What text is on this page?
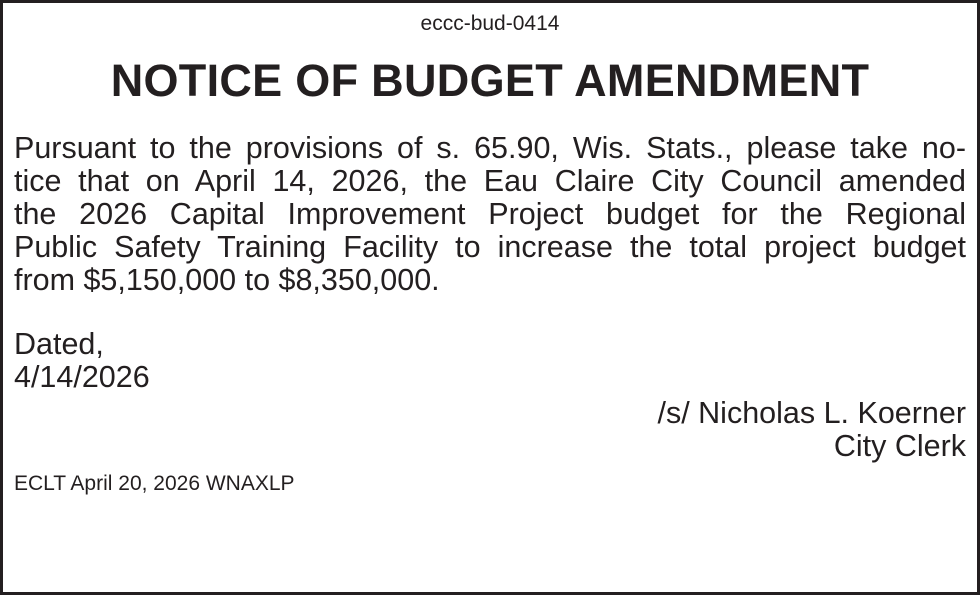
eccc-bud-0414
NOTICE OF BUDGET AMENDMENT
Pursuant to the provisions of s. 65.90, Wis. Stats., please take no-
tice that on April 14, 2026, the Eau Claire City Council amended
the 2026 Capital Improvement Project budget for the Regional
Public Safety Training Facility to increase the total project budget
from $5,150,000 to $8,350,000.
Dated,
4/14/2026
/s/ Nicholas L. Koerner
City Clerk
ECLT April 20, 2026 WNAXLP
